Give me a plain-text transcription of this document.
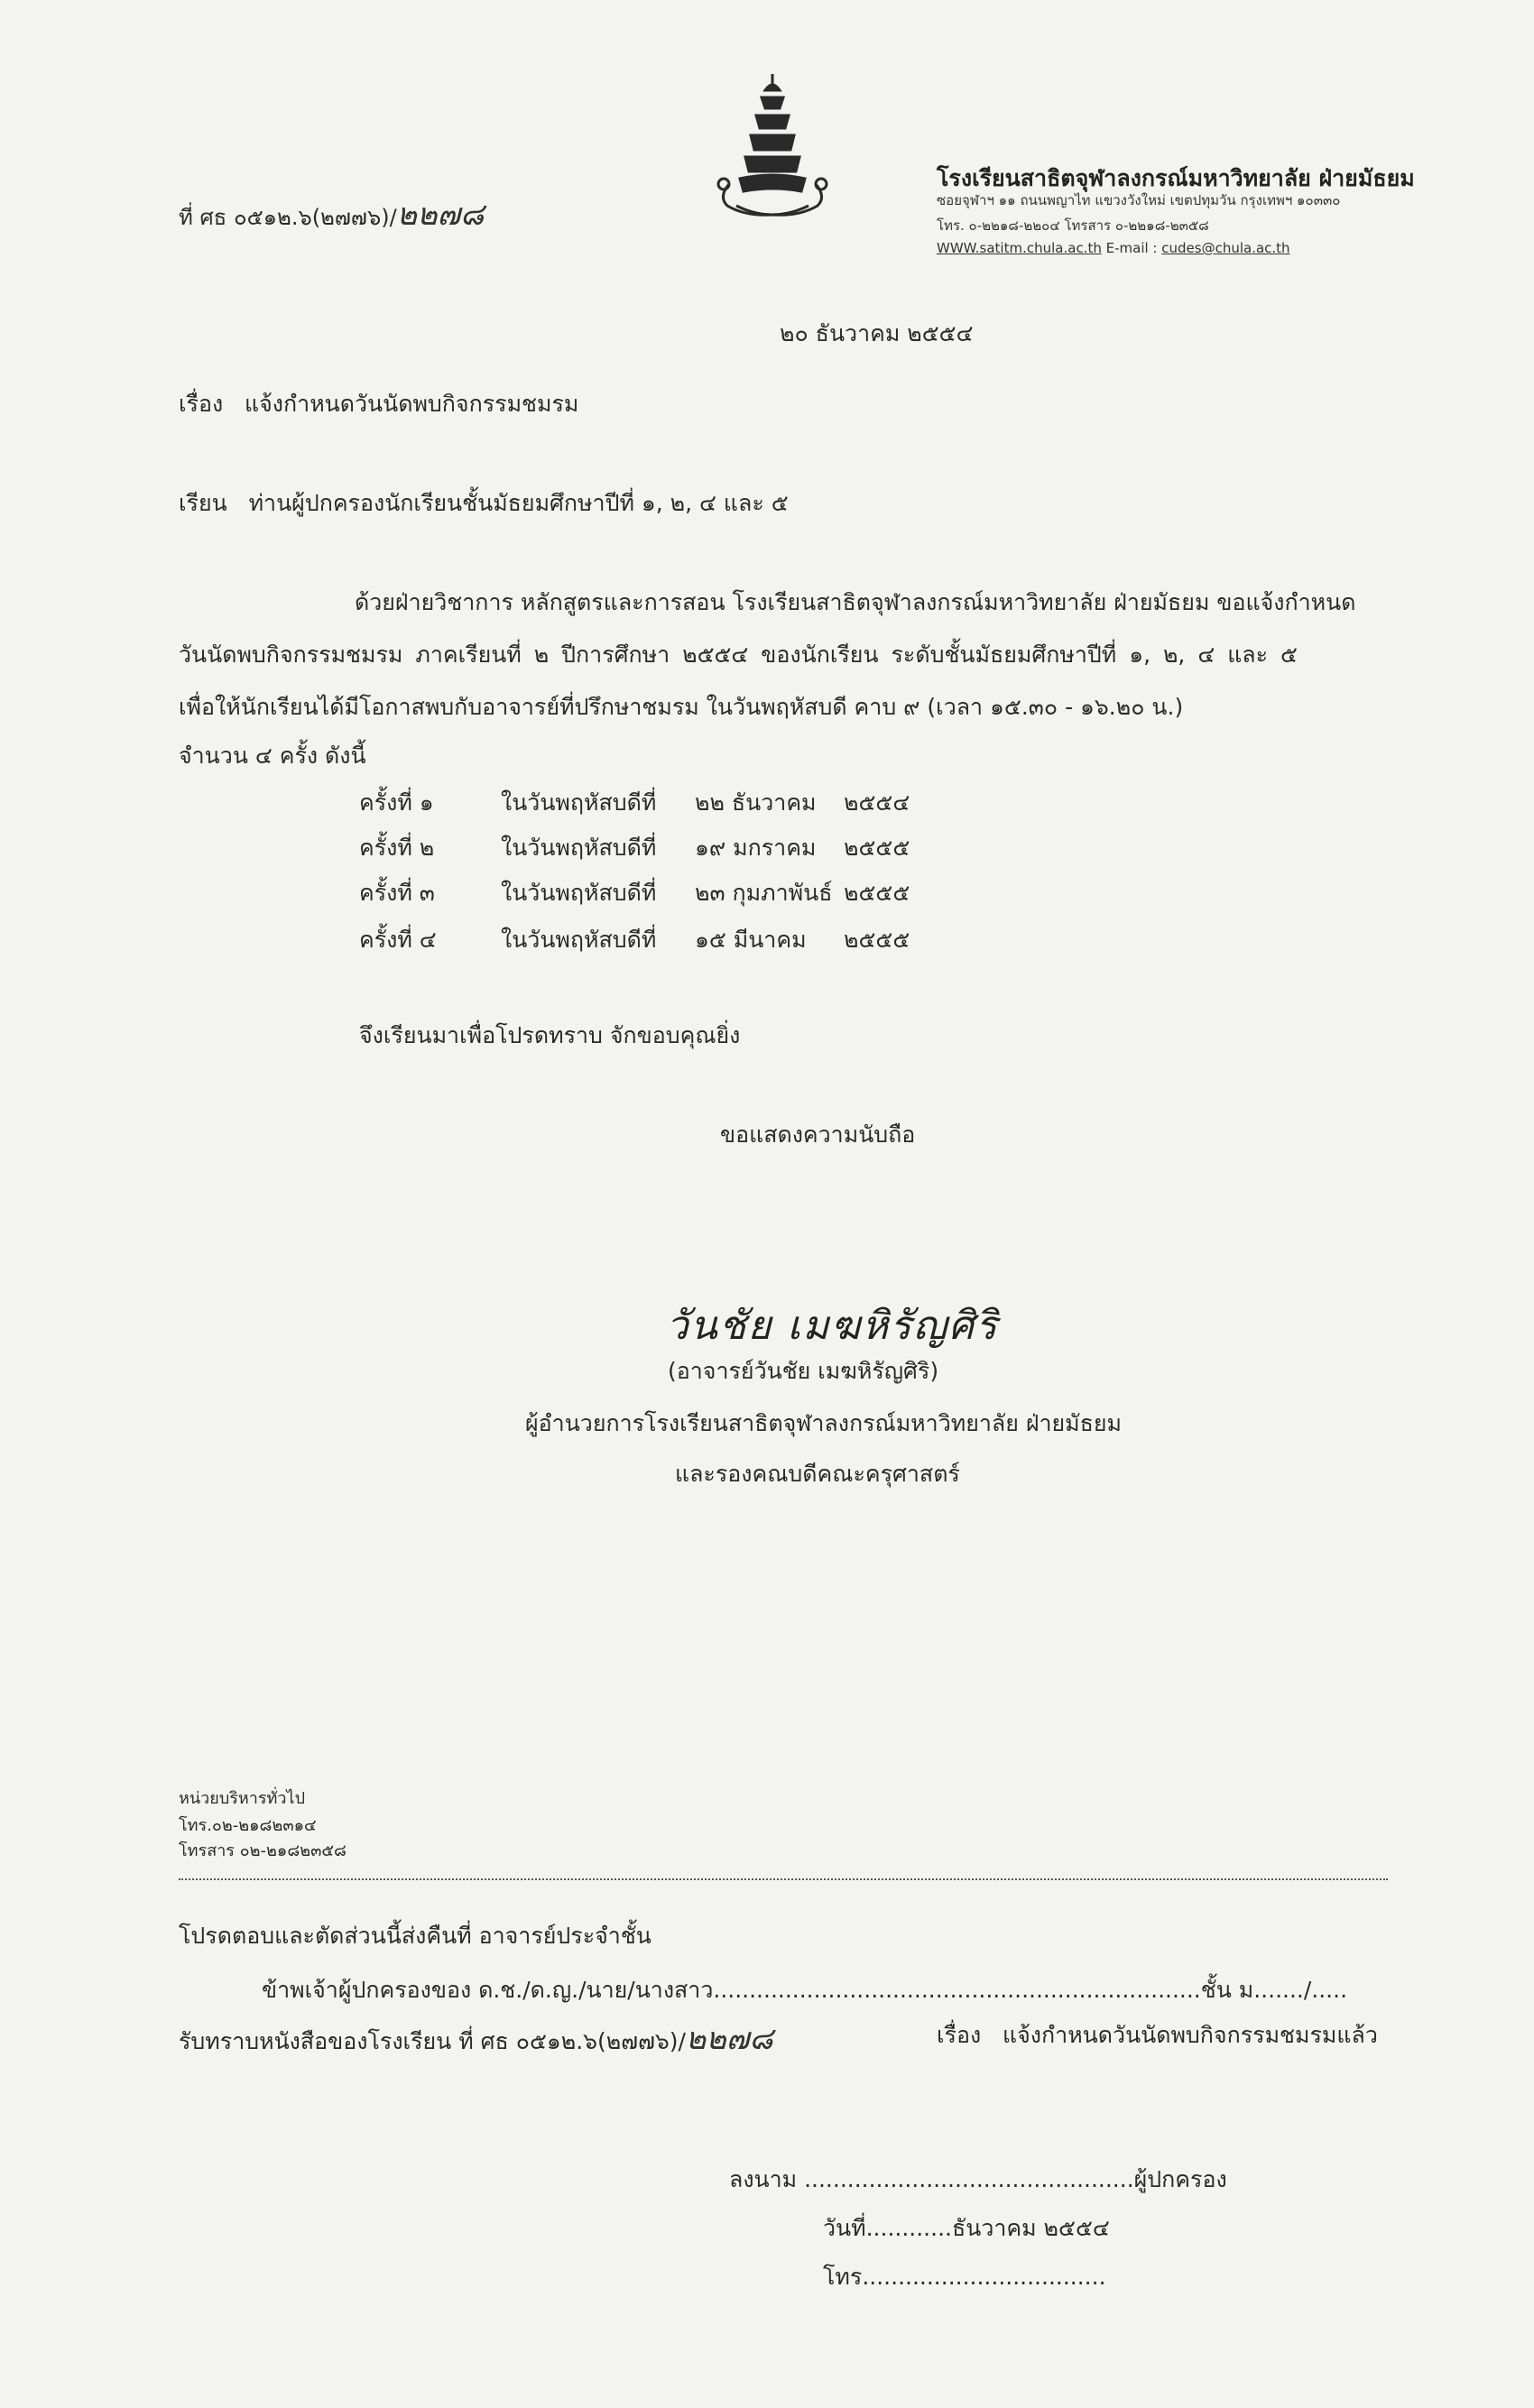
โรงเรียนสาธิตจุฬาลงกรณ์มหาวิทยาลัย ฝ่ายมัธยม
ซอยจุฬาฯ ๑๑ ถนนพญาไท แขวงวังใหม่ เขตปทุมวัน กรุงเทพฯ ๑๐๓๓๐
โทร. ๐-๒๒๑๘-๒๒๐๔ โทรสาร ๐-๒๒๑๘-๒๓๕๘
WWW.satitm.chula.ac.th E-mail : cudes@chula.ac.th
ที่ ศธ ๐๕๑๒.๖(๒๗๗๖)/๒๒๗๘
๒๐ ธันวาคม ๒๕๕๔
เรื่อง แจ้งกำหนดวันนัดพบกิจกรรมชมรม
เรียน ท่านผู้ปกครองนักเรียนชั้นมัธยมศึกษาปีที่ ๑, ๒, ๔ และ ๕
ด้วยฝ่ายวิชาการ หลักสูตรและการสอน โรงเรียนสาธิตจุฬาลงกรณ์มหาวิทยาลัย ฝ่ายมัธยม ขอแจ้งกำหนด
วันนัดพบกิจกรรมชมรม ภาคเรียนที่ ๒ ปีการศึกษา ๒๕๕๔ ของนักเรียน ระดับชั้นมัธยมศึกษาปีที่ ๑, ๒, ๔ และ ๕
เพื่อให้นักเรียนได้มีโอกาสพบกับอาจารย์ที่ปรึกษาชมรม ในวันพฤหัสบดี คาบ ๙ (เวลา ๑๕.๓๐ - ๑๖.๒๐ น.)
จำนวน ๔ ครั้ง ดังนี้
ครั้งที่ ๑	ในวันพฤหัสบดีที่ ๒๒ ธันวาคม ๒๕๕๔
ครั้งที่ ๒	ในวันพฤหัสบดีที่ ๑๙ มกราคม ๒๕๕๕
ครั้งที่ ๓	ในวันพฤหัสบดีที่ ๒๓ กุมภาพันธ์ ๒๕๕๕
ครั้งที่ ๔	ในวันพฤหัสบดีที่ ๑๕ มีนาคม ๒๕๕๕
จึงเรียนมาเพื่อโปรดทราบ จักขอบคุณยิ่ง
ขอแสดงความนับถือ
วันชัย เมฆหิรัญศิริ
(อาจารย์วันชัย เมฆหิรัญศิริ)
ผู้อำนวยการโรงเรียนสาธิตจุฬาลงกรณ์มหาวิทยาลัย ฝ่ายมัธยม
และรองคณบดีคณะครุศาสตร์
หน่วยบริหารทั่วไป
โทร.๐๒-๒๑๘๒๓๑๔
โทรสาร ๐๒-๒๑๘๒๓๕๘
โปรดตอบและตัดส่วนนี้ส่งคืนที่ อาจารย์ประจำชั้น
ข้าพเจ้าผู้ปกครองของ ด.ช./ด.ญ./นาย/นางสาว....................................................................ชั้น ม......./.....
รับทราบหนังสือของโรงเรียน ที่ ศธ ๐๕๑๒.๖(๒๗๗๖)/๒๒๗๘	เรื่อง แจ้งกำหนดวันนัดพบกิจกรรมชมรมแล้ว
ลงนาม ..............................................ผู้ปกครอง
วันที่............ธันวาคม ๒๕๕๔
โทร..................................
